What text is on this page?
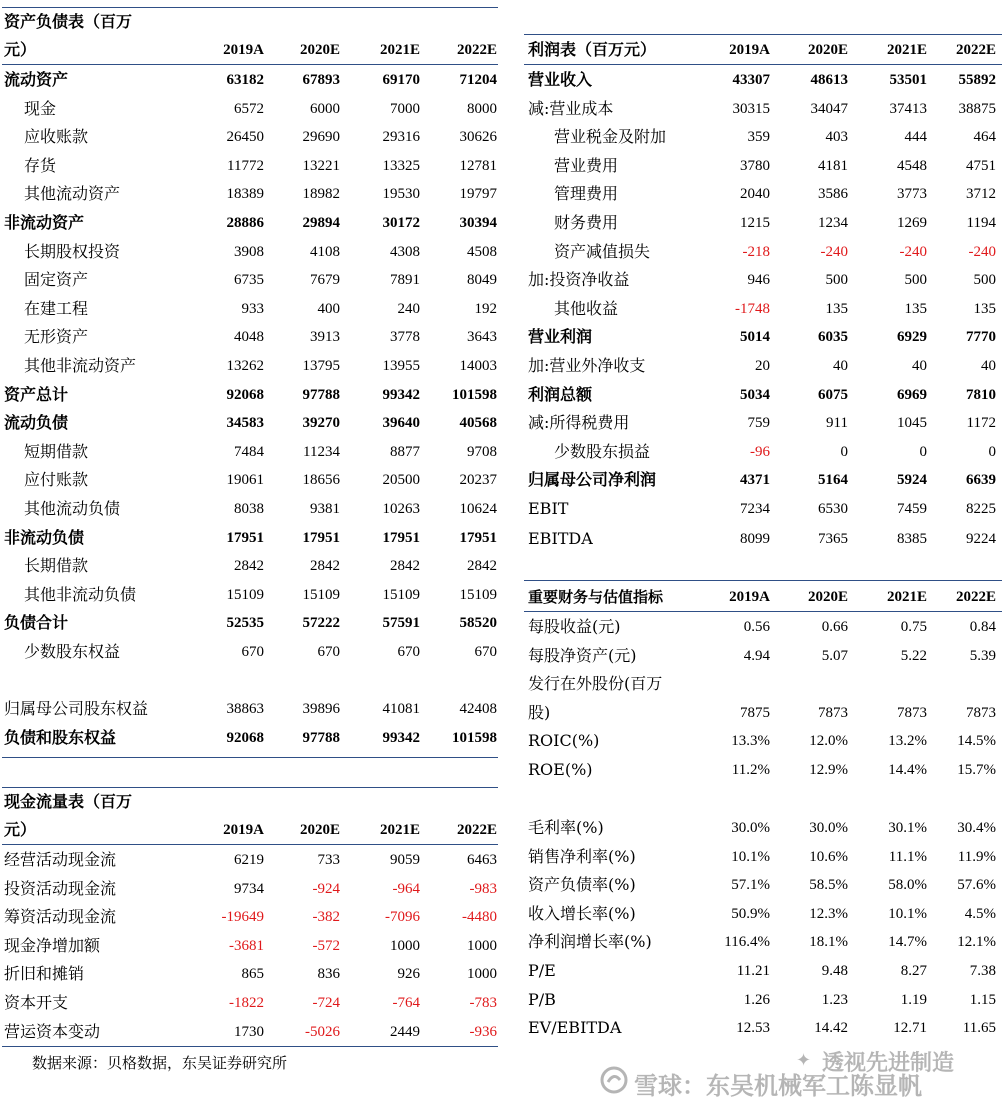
资产负债表（百万
元）	2019A	2020E	2021E	2022E
流动资产	63182	67893	69170	71204
现金	6572	6000	7000	8000
应收账款	26450	29690	29316	30626
存货	11772	13221	13325	12781
其他流动资产	18389	18982	19530	19797
非流动资产	28886	29894	30172	30394
长期股权投资	3908	4108	4308	4508
固定资产	6735	7679	7891	8049
在建工程	933	400	240	192
无形资产	4048	3913	3778	3643
其他非流动资产	13262	13795	13955	14003
资产总计	92068	97788	99342	101598
流动负债	34583	39270	39640	40568
短期借款	7484	11234	8877	9708
应付账款	19061	18656	20500	20237
其他流动负债	8038	9381	10263	10624
非流动负债	17951	17951	17951	17951
长期借款	2842	2842	2842	2842
其他非流动负债	15109	15109	15109	15109
负债合计	52535	57222	57591	58520
少数股东权益	670	670	670	670
归属母公司股东权益	38863	39896	41081	42408
负债和股东权益	92068	97788	99342	101598
利润表（百万元）	2019A	2020E	2021E	2022E
营业收入	43307	48613	53501	55892
减:营业成本	30315	34047	37413	38875
营业税金及附加	359	403	444	464
营业费用	3780	4181	4548	4751
管理费用	2040	3586	3773	3712
财务费用	1215	1234	1269	1194
资产减值损失	-218	-240	-240	-240
加:投资净收益	946	500	500	500
其他收益	-1748	135	135	135
营业利润	5014	6035	6929	7770
加:营业外净收支	20	40	40	40
利润总额	5034	6075	6969	7810
减:所得税费用	759	911	1045	1172
少数股东损益	-96	0	0	0
归属母公司净利润	4371	5164	5924	6639
EBIT	7234	6530	7459	8225
EBITDA	8099	7365	8385	9224
重要财务与估值指标	2019A	2020E	2021E	2022E
每股收益(元)	0.56	0.66	0.75	0.84
每股净资产(元)	4.94	5.07	5.22	5.39
发行在外股份(百万
股)	7875	7873	7873	7873
ROIC(%)	13.3%	12.0%	13.2%	14.5%
ROE(%)	11.2%	12.9%	14.4%	15.7%
毛利率(%)	30.0%	30.0%	30.1%	30.4%
销售净利率(%)	10.1%	10.6%	11.1%	11.9%
资产负债率(%)	57.1%	58.5%	58.0%	57.6%
收入增长率(%)	50.9%	12.3%	10.1%	4.5%
净利润增长率(%)	116.4%	18.1%	14.7%	12.1%
P/E	11.21	9.48	8.27	7.38
P/B	1.26	1.23	1.19	1.15
EV/EBITDA	12.53	14.42	12.71	11.65
现金流量表（百万
元）	2019A	2020E	2021E	2022E
经营活动现金流	6219	733	9059	6463
投资活动现金流	9734	-924	-964	-983
筹资活动现金流	-19649	-382	-7096	-4480
现金净增加额	-3681	-572	1000	1000
折旧和摊销	865	836	926	1000
资本开支	-1822	-724	-764	-783
营运资本变动	1730	-5026	2449	-936
数据来源：贝格数据，东吴证券研究所	✦ 透视先进制造
雪球：东吴机械军工陈显帆
